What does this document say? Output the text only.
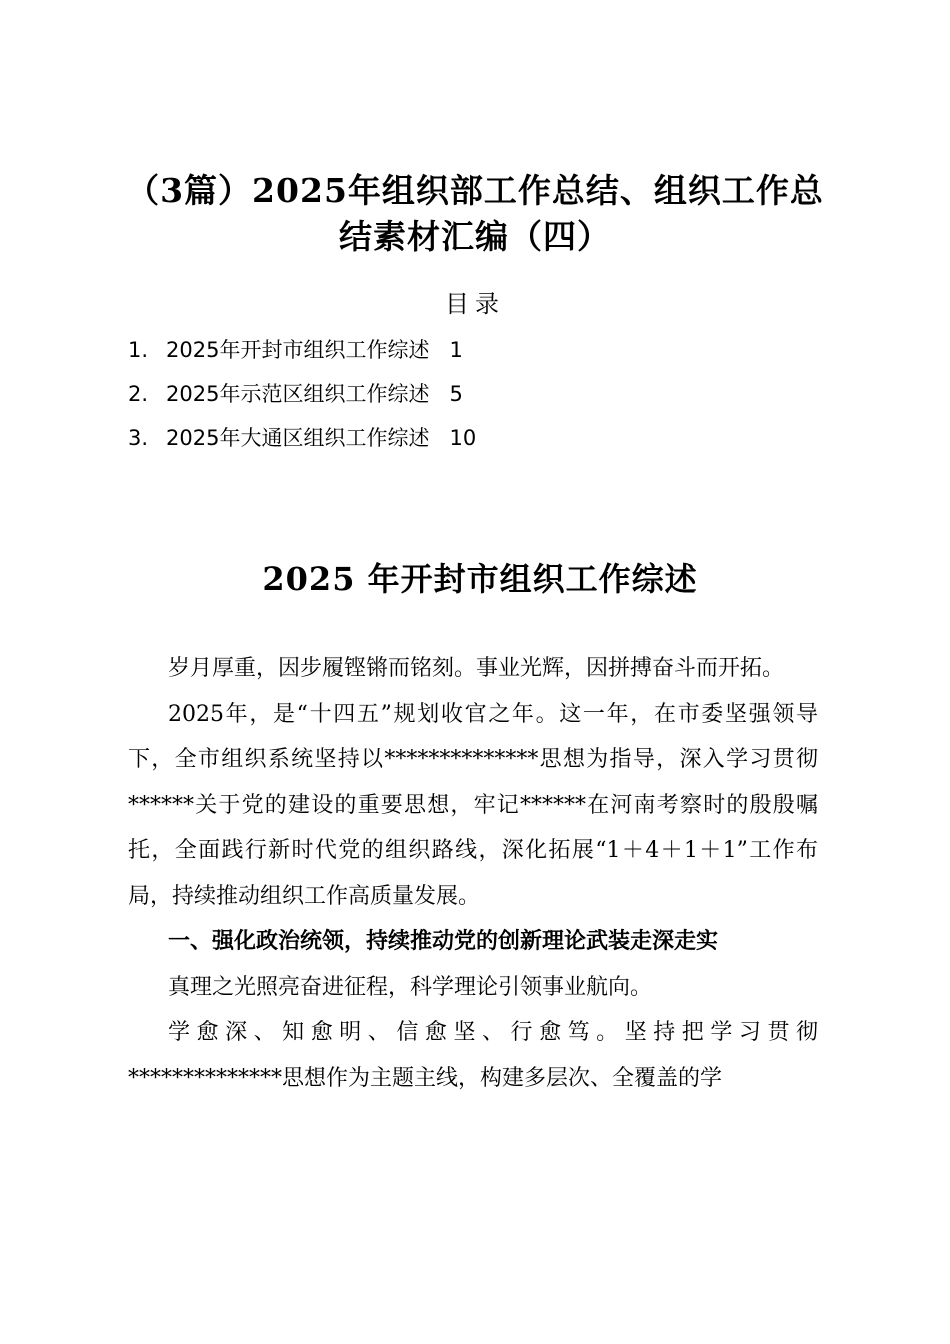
（3篇）2025年组织部工作总结、组织工作总
结素材汇编（四）
目录
1. 2025年开封市组织工作综述 1
2. 2025年示范区组织工作综述 5
3. 2025年大通区组织工作综述 10
2025 年开封市组织工作综述

岁月厚重，因步履铿锵而铭刻。事业光辉，因拼搏奋斗而开拓。

2025年，是“十四五”规划收官之年。这一年，在市委坚强领导下，全市组织系统坚持以**************思想为指导，深入学习贯彻******关于党的建设的重要思想，牢记******在河南考察时的殷殷嘱托，全面践行新时代党的组织路线，深化拓展“1＋4＋1＋1”工作布局，持续推动组织工作高质量发展。

一、强化政治统领，持续推动党的创新理论武装走深走实

真理之光照亮奋进征程，科学理论引领事业航向。

学愈深、知愈明、信愈坚、行愈笃。坚持把学习贯彻**************思想作为主题主线，构建多层次、全覆盖的学
